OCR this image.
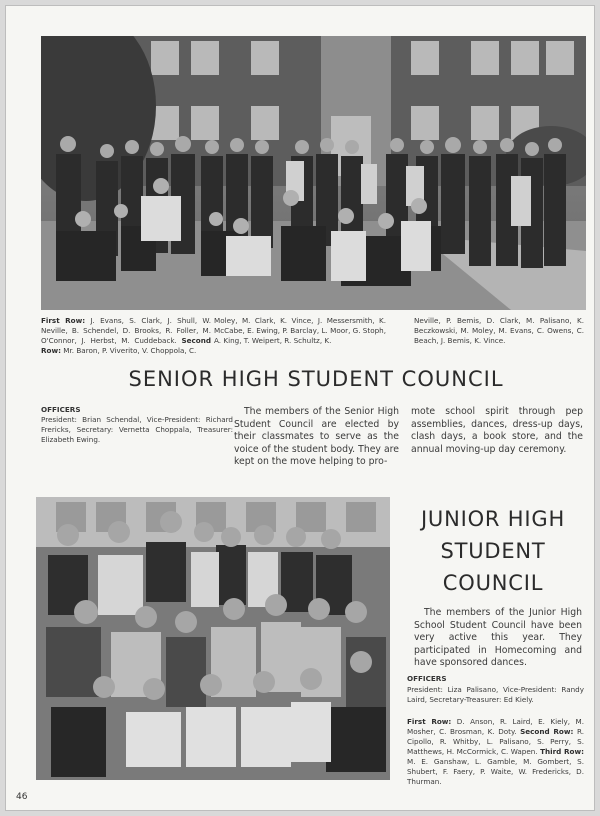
First Row: J. Evans, S. Clark, J. Shull, W. Neville, B. Schendel, D. Brooks, R. Foller, M. O'Connor, J. Herbst, M. Cuddeback. Second Row: Mr. Baron, P. Viverito, V. Choppola, C.
Moley, M. Clark, K. Vince, J. Messersmith, K. McCabe, E. Ewing, P. Barclay, L. Moor, G. Stoph, A. King, T. Weipert, R. Schultz, K.
Neville, P. Bemis, D. Clark, M. Palisano, K. Beczkowski, M. Moley, M. Evans, C. Owens, C. Beach, J. Bemis, K. Vince.
SENIOR HIGH STUDENT COUNCIL
OFFICERS
President: Brian Schendal, Vice-President: Richard Frericks, Secretary: Vernetta Choppala, Treasurer: Elizabeth Ewing.
The members of the Senior High Student Council are elected by their classmates to serve as the voice of the student body. They are kept on the move helping to pro-
mote school spirit through pep assemblies, dances, dress-up days, clash days, a book store, and the annual moving-up day ceremony.
JUNIOR HIGH
STUDENT
COUNCIL
The members of the Junior High School Student Council have been very active this year. They participated in Homecoming and have sponsored dances.
OFFICERS
President: Liza Palisano, Vice-President: Randy Laird, Secretary-Treasurer: Ed Kiely.
First Row: D. Anson, R. Laird, E. Kiely, M. Mosher, C. Brosman, K. Doty. Second Row: R. Cipollo, R. Whitby, L. Palisano, S. Perry, S. Matthews, H. McCormick, C. Wapen. Third Row: M. E. Ganshaw, L. Gamble, M. Gombert, S. Shubert, F. Faery, P. Waite, W. Fredericks, D. Thurman.
46
